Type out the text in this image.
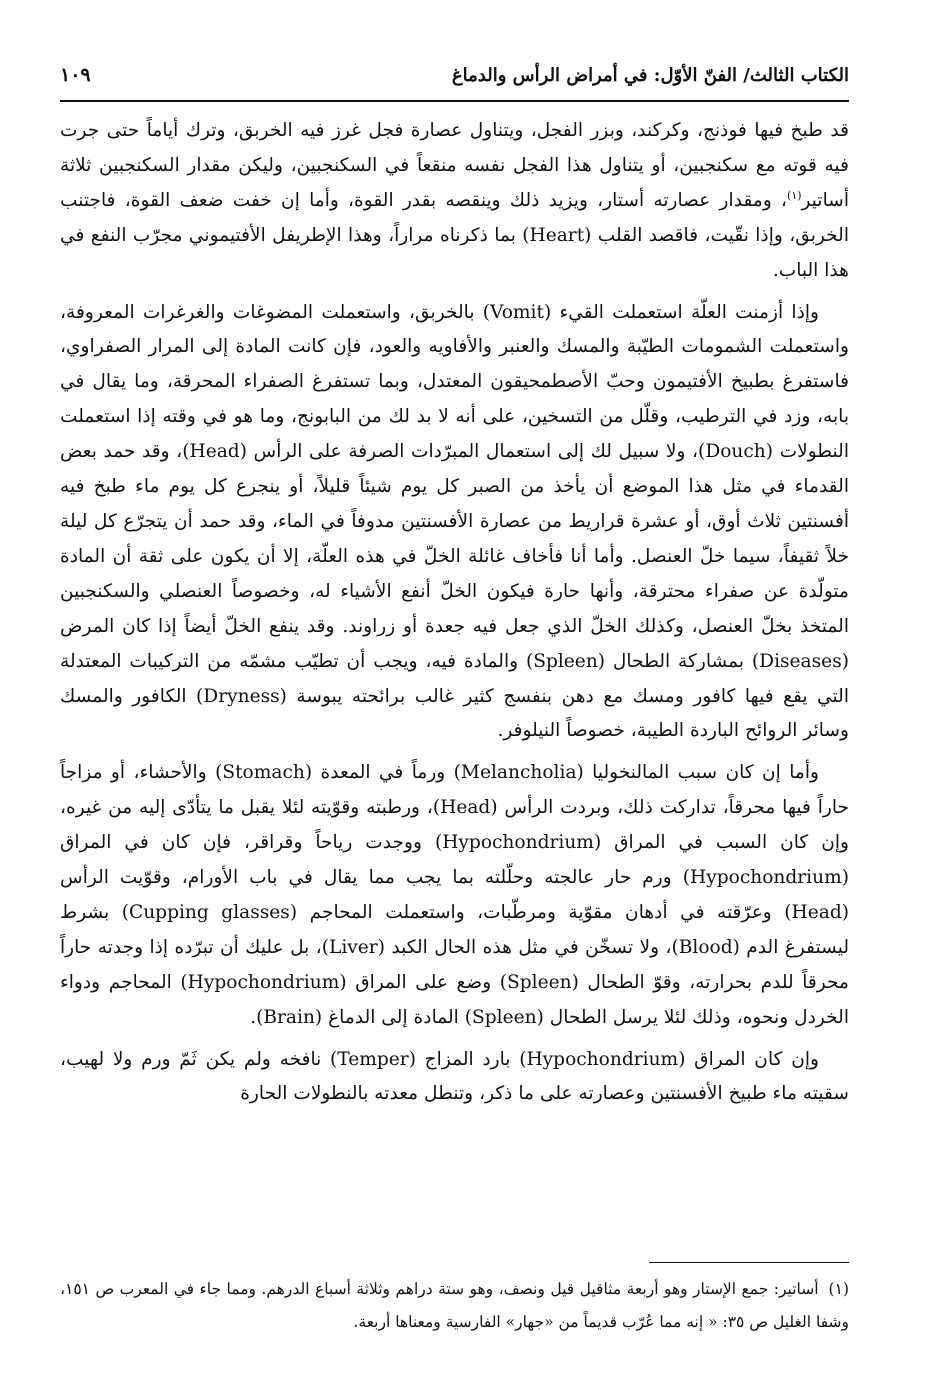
الكتاب الثالث/ الفنّ الأوّل: في أمراض الرأس والدماغ
١٠٩

قد طبخ فيها فوذنج، وكركند، وبزر الفجل، ويتناول عصارة فجل غرز فيه الخربق، وترك أياماً حتى جرت فيه قوته مع سكنجبين، أو يتناول هذا الفجل نفسه منقعاً في السكنجبين، وليكن مقدار السكنجبين ثلاثة أساتير$^{(١)}$، ومقدار عصارته أستار، ويزيد ذلك وينقصه بقدر القوة، وأما إن خفت ضعف القوة، فاجتنب الخربق، وإذا نقّيت، فاقصد القلب (Heart) بما ذكرناه مراراً، وهذا الإطريفل الأفتيموني مجرّب النفع في هذا الباب.

وإذا أزمنت العلّة استعملت القيء (Vomit) بالخربق، واستعملت المضوغات والغرغرات المعروفة، واستعملت الشمومات الطيّبة والمسك والعنبر والأفاويه والعود، فإن كانت المادة إلى المرار الصفراوي، فاستفرغ بطبيخ الأفتيمون وحبّ الأصطمحيقون المعتدل، وبما تستفرغ الصفراء المحرقة، وما يقال في بابه، وزد في الترطيب، وقلّل من التسخين، على أنه لا بد لك من البابونج، وما هو في وقته إذا استعملت النطولات (Douch)، ولا سبيل لك إلى استعمال المبرّدات الصرفة على الرأس (Head)، وقد حمد بعض القدماء في مثل هذا الموضع أن يأخذ من الصبر كل يوم شيئاً قليلاً، أو ينجرع كل يوم ماء طبخ فيه أفسنتين ثلاث أوق، أو عشرة قراريط من عصارة الأفسنتين مدوفاً في الماء، وقد حمد أن يتجرّع كل ليلة خلاً ثقيفاً، سيما خلّ العنصل. وأما أنا فأخاف غائلة الخلّ في هذه العلّة، إلا أن يكون على ثقة أن المادة متولّدة عن صفراء محترقة، وأنها حارة فيكون الخلّ أنفع الأشياء له، وخصوصاً العنصلي والسكنجبين المتخذ بخلّ العنصل، وكذلك الخلّ الذي جعل فيه جعدة أو زراوند. وقد ينفع الخلّ أيضاً إذا كان المرض (Diseases) بمشاركة الطحال (Spleen) والمادة فيه، ويجب أن تطيّب مشمّه من التركيبات المعتدلة التي يقع فيها كافور ومسك مع دهن بنفسج كثير غالب برائحته يبوسة (Dryness) الكافور والمسك وسائر الروائح الباردة الطيبة، خصوصاً النيلوفر.

وأما إن كان سبب المالنخوليا (Melancholia) ورماً في المعدة (Stomach) والأحشاء، أو مزاجاً حاراً فيها محرقاً، تداركت ذلك، وبردت الرأس (Head)، ورطبته وقوّيته لئلا يقبل ما يتأدّى إليه من غيره، وإن كان السبب في المراق (Hypochondrium) ووجدت رياحاً وقراقر، فإن كان في المراق (Hypochondrium) ورم حار عالجته وحلّلته بما يجب مما يقال في باب الأورام، وقوّيت الرأس (Head) وعرّقته في أدهان مقوّية ومرطّبات، واستعملت المحاجم (Cupping glasses) بشرط ليستفرغ الدم (Blood)، ولا تسخّن في مثل هذه الحال الكبد (Liver)، بل عليك أن تبرّده إذا وجدته حاراً محرقاً للدم بحرارته، وقوّ الطحال (Spleen) وضع على المراق (Hypochondrium) المحاجم ودواء الخردل ونحوه، وذلك لئلا يرسل الطحال (Spleen) المادة إلى الدماغ (Brain).

وإن كان المراق (Hypochondrium) بارد المزاج (Temper) نافخه ولم يكن ثَمّ ورم ولا لهيب، سقيته ماء طبيخ الأفسنتين وعصارته على ما ذكر، وتنطل معدته بالنطولات الحارة

(١)أساتير: جمع الإستار وهو أربعة مثاقيل قيل ونصف، وهو ستة دراهم وثلاثة أسباع الدرهم. ومما جاء في المعرب ص ١٥١، وشفا الغليل ص ٣٥: « إنه مما عُرّب قديماً من «جهار» الفارسية ومعناها أربعة.
